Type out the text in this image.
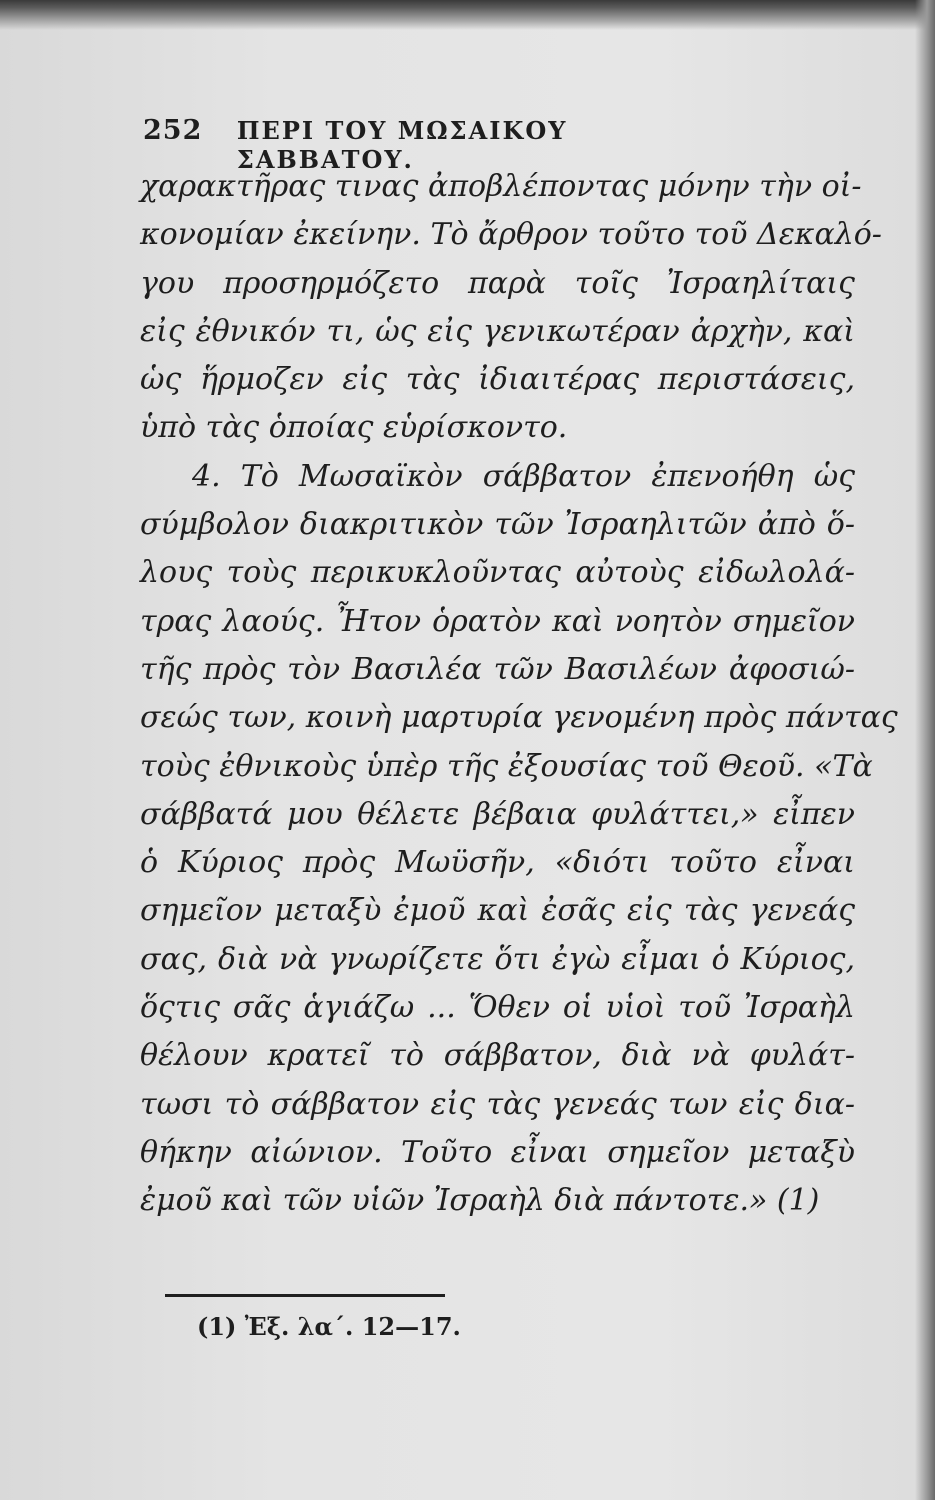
252	ΠΕΡΙ ΤΟΥ ΜΩΣΑΙΚΟΥ ΣΑΒΒΑΤΟΥ.
χαρακτῆρας τινας ἀποβλέποντας μόνην τὴν οἰ-
κονομίαν ἐκείνην. Τὸ ἄρθρον τοῦτο τοῦ Δεκαλό-
γου προσηρμόζετο παρὰ τοῖς Ἰσραηλίταις
εἰς ἐθνικόν τι, ὡς εἰς γενικωτέραν ἀρχὴν, καὶ
ὡς ἥρμοζεν εἰς τὰς ἰδιαιτέρας περιστάσεις,
ὑπὸ τὰς ὁποίας εὑρίσκοντο.
4. Τὸ Μωσαϊκὸν σάββατον ἐπενοήθη ὡς
σύμβολον διακριτικὸν τῶν Ἰσραηλιτῶν ἀπὸ ὅ-
λους τοὺς περικυκλοῦντας αὐτοὺς εἰδωλολά-
τρας λαούς. Ἦτον ὁρατὸν καὶ νοητὸν σημεῖον
τῆς πρὸς τὸν Βασιλέα τῶν Βασιλέων ἀφοσιώ-
σεώς των, κοινὴ μαρτυρία γενομένη πρὸς πάντας
τοὺς ἐθνικοὺς ὑπὲρ τῆς ἐξουσίας τοῦ Θεοῦ. «Τὰ
σάββατά μου θέλετε βέβαια φυλάττει,» εἶπεν
ὁ Κύριος πρὸς Μωϋσῆν, «διότι τοῦτο εἶναι
σημεῖον μεταξὺ ἐμοῦ καὶ ἐσᾶς εἰς τὰς γενεάς
σας, διὰ νὰ γνωρίζετε ὅτι ἐγὼ εἶμαι ὁ Κύριος,
ὅςτις σᾶς ἁγιάζω ... Ὅθεν οἱ υἱοὶ τοῦ Ἰσραὴλ
θέλουν κρατεῖ τὸ σάββατον, διὰ νὰ φυλάτ-
τωσι τὸ σάββατον εἰς τὰς γενεάς των εἰς δια-
θήκην αἰώνιον. Τοῦτο εἶναι σημεῖον μεταξὺ
ἐμοῦ καὶ τῶν υἱῶν Ἰσραὴλ διὰ πάντοτε.» (1)
(1) Ἐξ. λα΄. 12—17.
